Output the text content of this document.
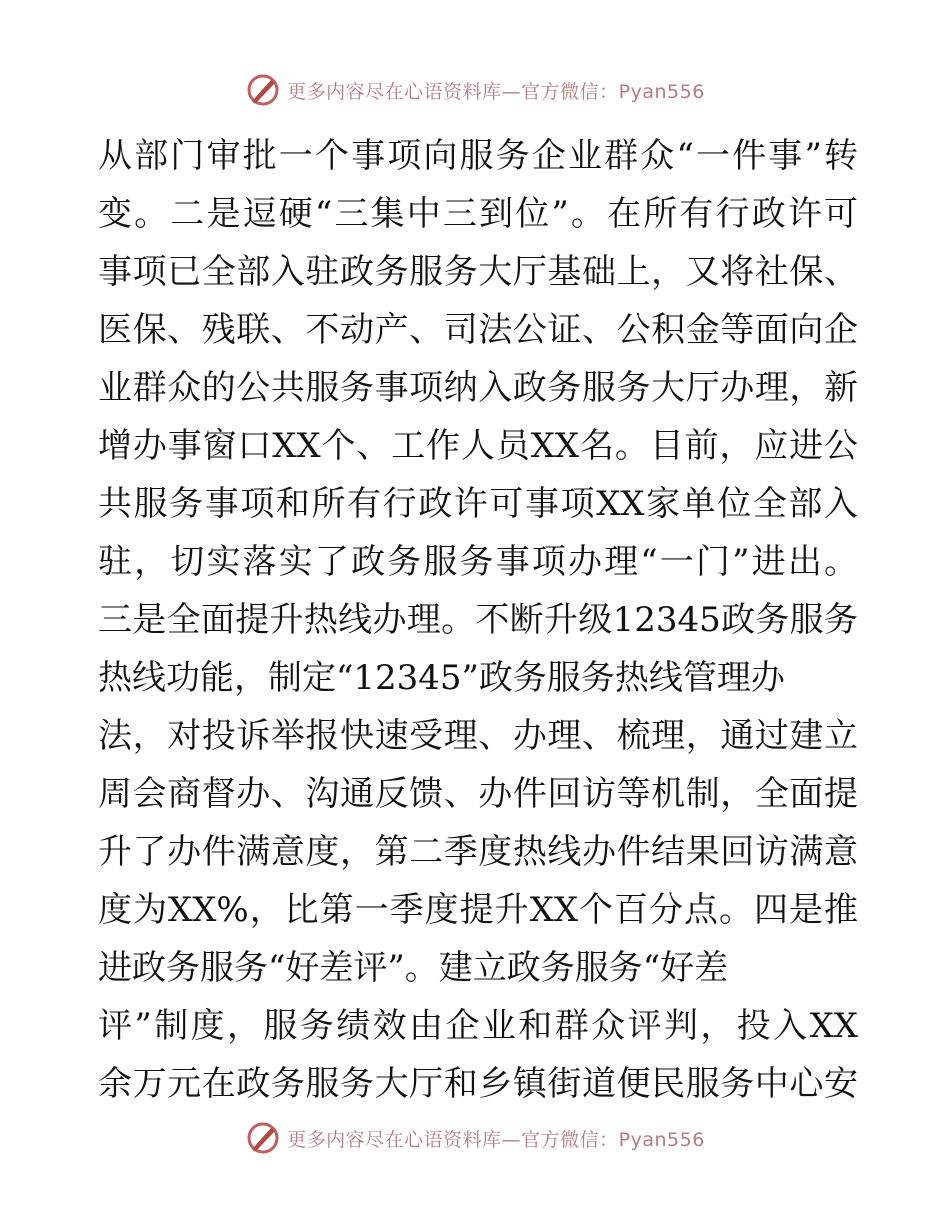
更多内容尽在心语资料库—官方微信：Pyan556
从部门审批一个事项向服务企业群众“一件事”转
变。二是逗硬“三集中三到位”。在所有行政许可
事项已全部入驻政务服务大厅基础上，又将社保、
医保、残联、不动产、司法公证、公积金等面向企
业群众的公共服务事项纳入政务服务大厅办理，新
增办事窗口XX个、工作人员XX名。目前，应进公
共服务事项和所有行政许可事项XX家单位全部入
驻，切实落实了政务服务事项办理“一门”进出。
三是全面提升热线办理。不断升级12345政务服务
热线功能，制定“12345”政务服务热线管理办
法，对投诉举报快速受理、办理、梳理，通过建立
周会商督办、沟通反馈、办件回访等机制，全面提
升了办件满意度，第二季度热线办件结果回访满意
度为XX%，比第一季度提升XX个百分点。四是推
进政务服务“好差评”。建立政务服务“好差
评”制度，服务绩效由企业和群众评判，投入XX
余万元在政务服务大厅和乡镇街道便民服务中心安
更多内容尽在心语资料库—官方微信：Pyan556
